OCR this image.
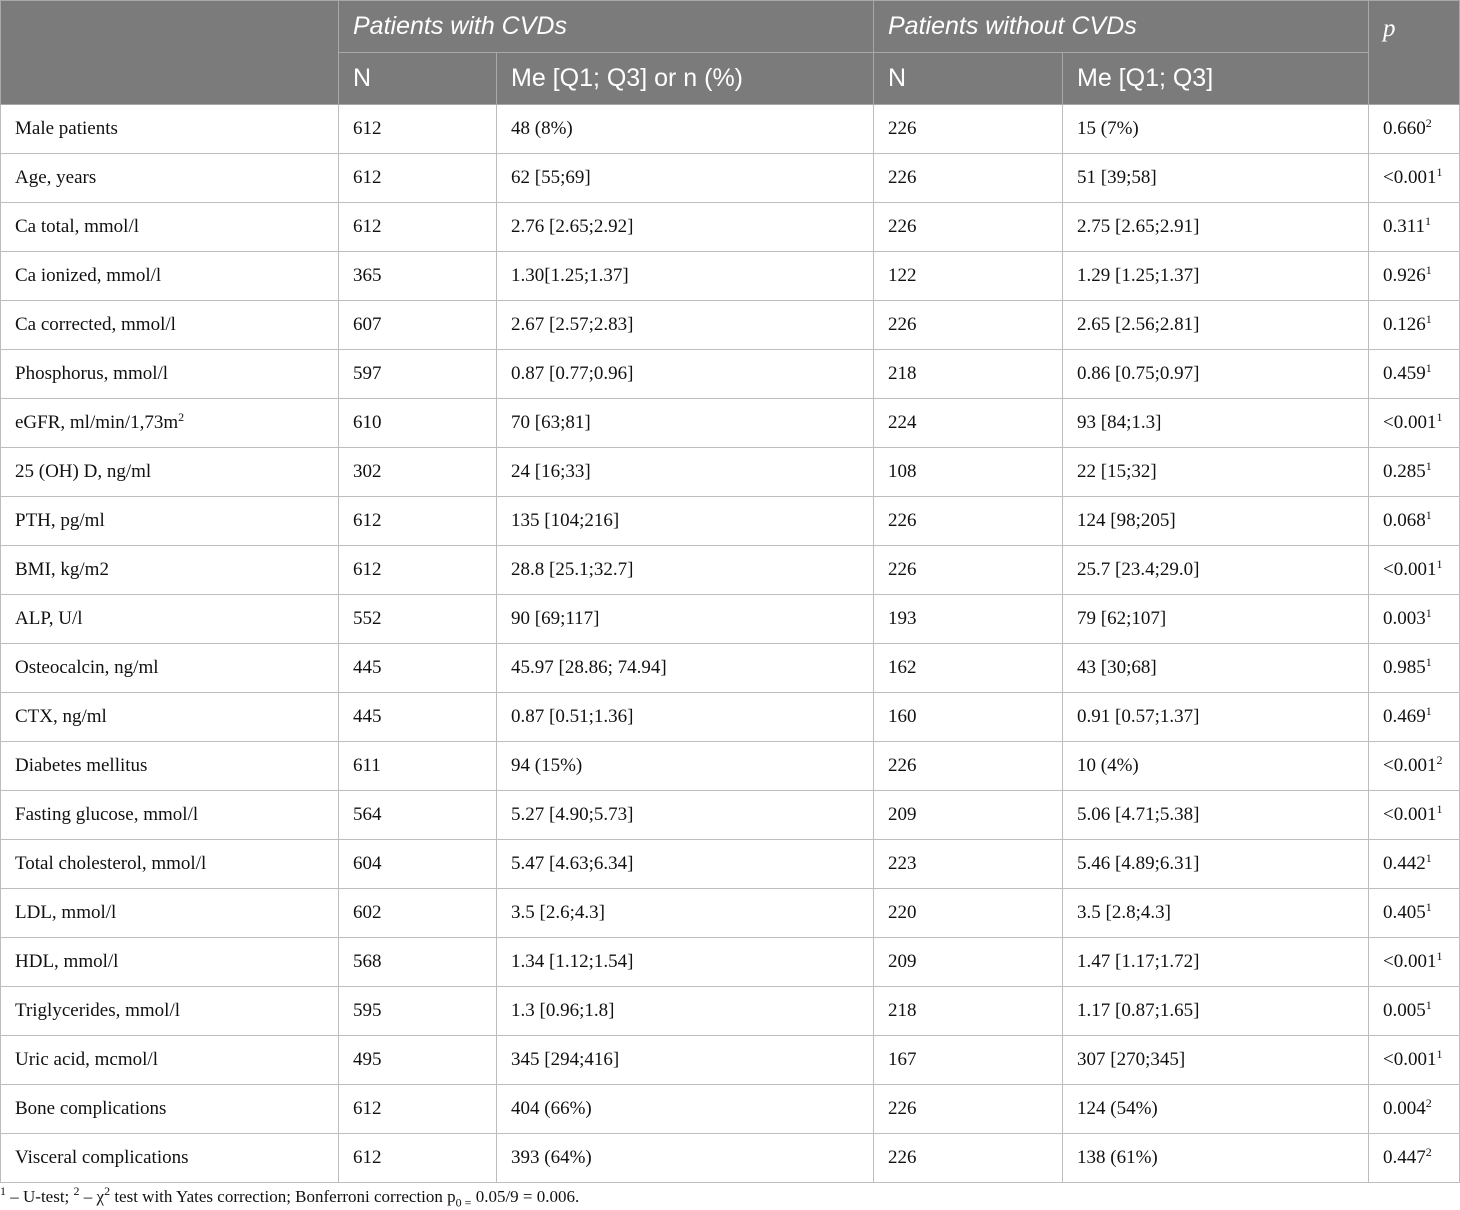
	Patients with CVDs		Patients without CVDs		p
	N	Me [Q1; Q3] or n (%)	N	Me [Q1; Q3]	
Male patients	612	48 (8%)	226	15 (7%)	0.660$^2$
Age, years	612	62 [55;69]	226	51 [39;58]	$<0.001^1$
Ca total, mmol/l	612	2.76 [2.65;2.92]	226	2.75 [2.65;2.91]	0.311$^1$
Ca ionized, mmol/l	365	1.30[1.25;1.37]	122	1.29 [1.25;1.37]	0.926$^1$
Ca corrected, mmol/l	607	2.67 [2.57;2.83]	226	2.65 [2.56;2.81]	0.126$^1$
Phosphorus, mmol/l	597	0.87 [0.77;0.96]	218	0.86 [0.75;0.97]	0.459$^1$
eGFR, $ml/\min/1,73m^2$	610	70 [63;81]	224	93 [84;1.3]	$<0.001^1$
25 (OH) D, ng/ml	302	24 [16;33]	108	22 [15;32]	0.285$^1$
PTH, pg/ml	612	135 [104;216]	226	124 [98;205]	0.068$^1$
BMI, kg/m2	612	28.8 [25.1;32.7]	226	25.7 [23.4;29.0]	$<0.001^1$
ALP, U/l	552	90 [69;117]	193	79 [62;107]	0.003$^1$
Osteocalcin, ng/ml	445	45.97 [28.86; 74.94]	162	43 [30;68]	0.985$^1$
CTX, ng/ml	445	0.87 [0.51;1.36]	160	0.91 [0.57;1.37]	0.469$^1$
Diabetes mellitus	611	94 (15%)	226	10 (4%)	$<0.001^2$
Fasting glucose, mmol/l	564	5.27 [4.90;5.73]	209	5.06 [4.71;5.38]	$<0.001^1$
Total cholesterol, mmol/l	604	5.47 [4.63;6.34]	223	5.46 [4.89;6.31]	0.442$^1$
LDL, mmol/l	602	3.5 [2.6;4.3]	220	3.5 [2.8;4.3]	0.405$^1$
HDL, mmol/l	568	1.34 [1.12;1.54]	209	1.47 [1.17;1.72]	$<0.001^1$
Triglycerides, mmol/l	595	1.3 [0.96;1.8]	218	1.17 [0.87;1.65]	0.005$^1$
Uric acid, mcmol/l	495	345 [294;416]	167	307 [270;345]	$<0.001^1$
Bone complications	612	404 (66%)	226	124 (54%)	0.004$^2$
Visceral complications	612	393 (64%)	226	138 (61%)	0.447$^2$
$^1$ – U-test; $^2 - \chi^2$ test with Yates correction; Bonferroni correction $p_{0 =}$ 0.05/9 = 0.006.
